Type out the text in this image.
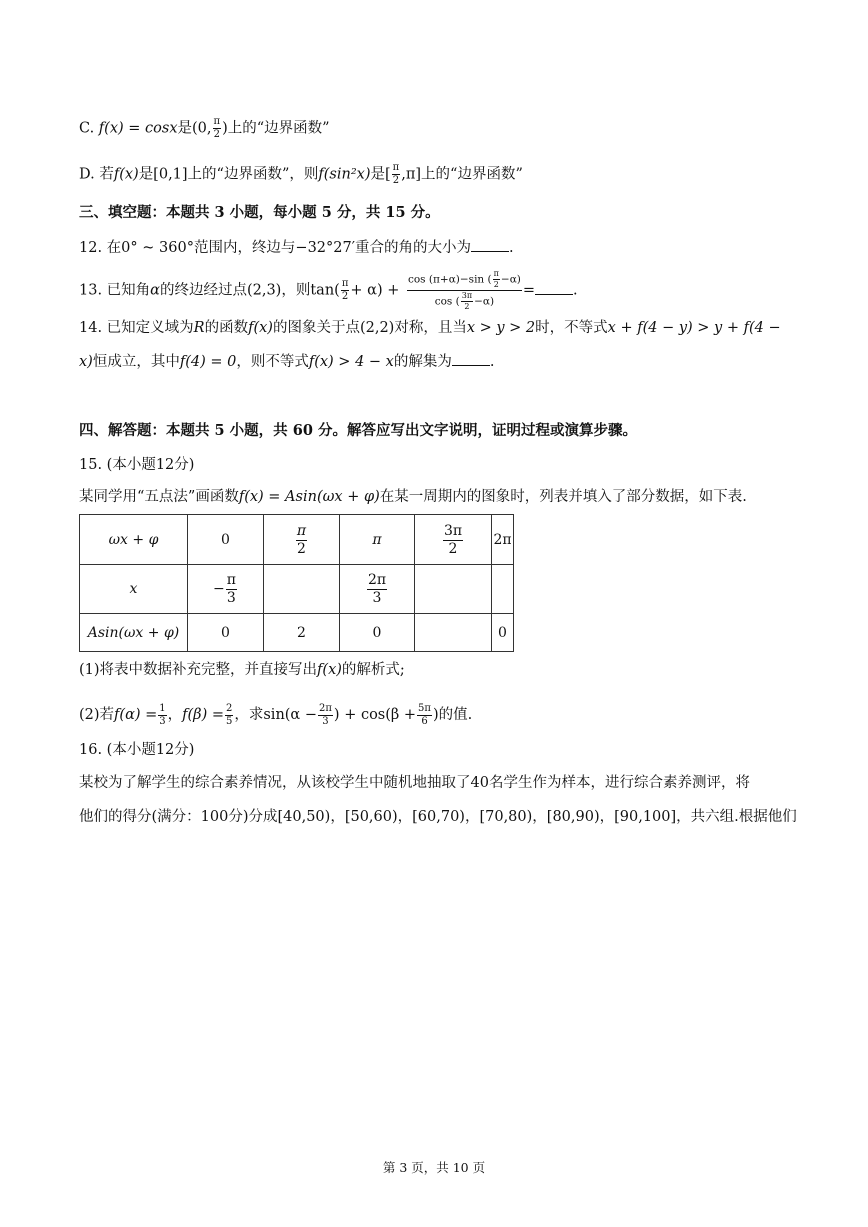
C. f(x) = cosx是(0, $\frac{\pi}{2}$ )上的“边界函数”
D. 若f(x)是[0,1]上的“边界函数”，则f(sin²x)是[ $\frac{\pi}{2} ,\pi$]上的“边界函数”
三、填空题：本题共 3 小题，每小题 5 分，共 15 分。
12. 在0° ~ 360°范围内，终边与−32°27′重合的角的大小为	.
13. 已知角α的终边经过点(2,3)，则$\tan( \frac{\pi}{2} + \alpha) + \frac{\cos (\pi+\alpha)-\sin ( \frac{\pi}{2} -\alpha)}{\cos ( \frac{3\pi}{2} -\alpha)}$ =	.
14. 已知定义域为R的函数f(x)的图象关于点(2,2)对称，且当x > y > 2时，不等式x + f(4 − y) > y + f(4 −
x)恒成立，其中f(4) = 0，则不等式f(x) > 4 − x的解集为	.
四、解答题：本题共 5 小题，共 60 分。解答应写出文字说明，证明过程或演算步骤。
15. (本小题12分)
某同学用“五点法”画函数f(x) = Asin(ωx + φ)在某一周期内的图象时，列表并填入了部分数据，如下表.
ωx + φ	0	$\frac{\pi}{2}$	π	$\frac{3\pi}{2}$	2π
x	− $\frac{\pi}{3}$		$\frac{2\pi}{3}$

Asin(ωx + φ)	0	2	0		0
(1)将表中数据补充完整，并直接写出f(x)的解析式;
(2)若$f(\alpha) = \frac{1}{3}$ ，$f(\beta) = \frac{2}{5}$ ，求$\sin(\alpha - \frac{2\pi}{3}$ ) + $\cos(\beta + \frac{5\pi}{6}$ )的值.
16. (本小题12分)
某校为了解学生的综合素养情况，从该校学生中随机地抽取了40名学生作为样本，进行综合素养测评，将
他们的得分(满分：100分)分成[40,50)，[50,60)，[60,70)，[70,80)，[80,90)，[90,100]，共六组.根据他们
第 3 页，共 10 页
